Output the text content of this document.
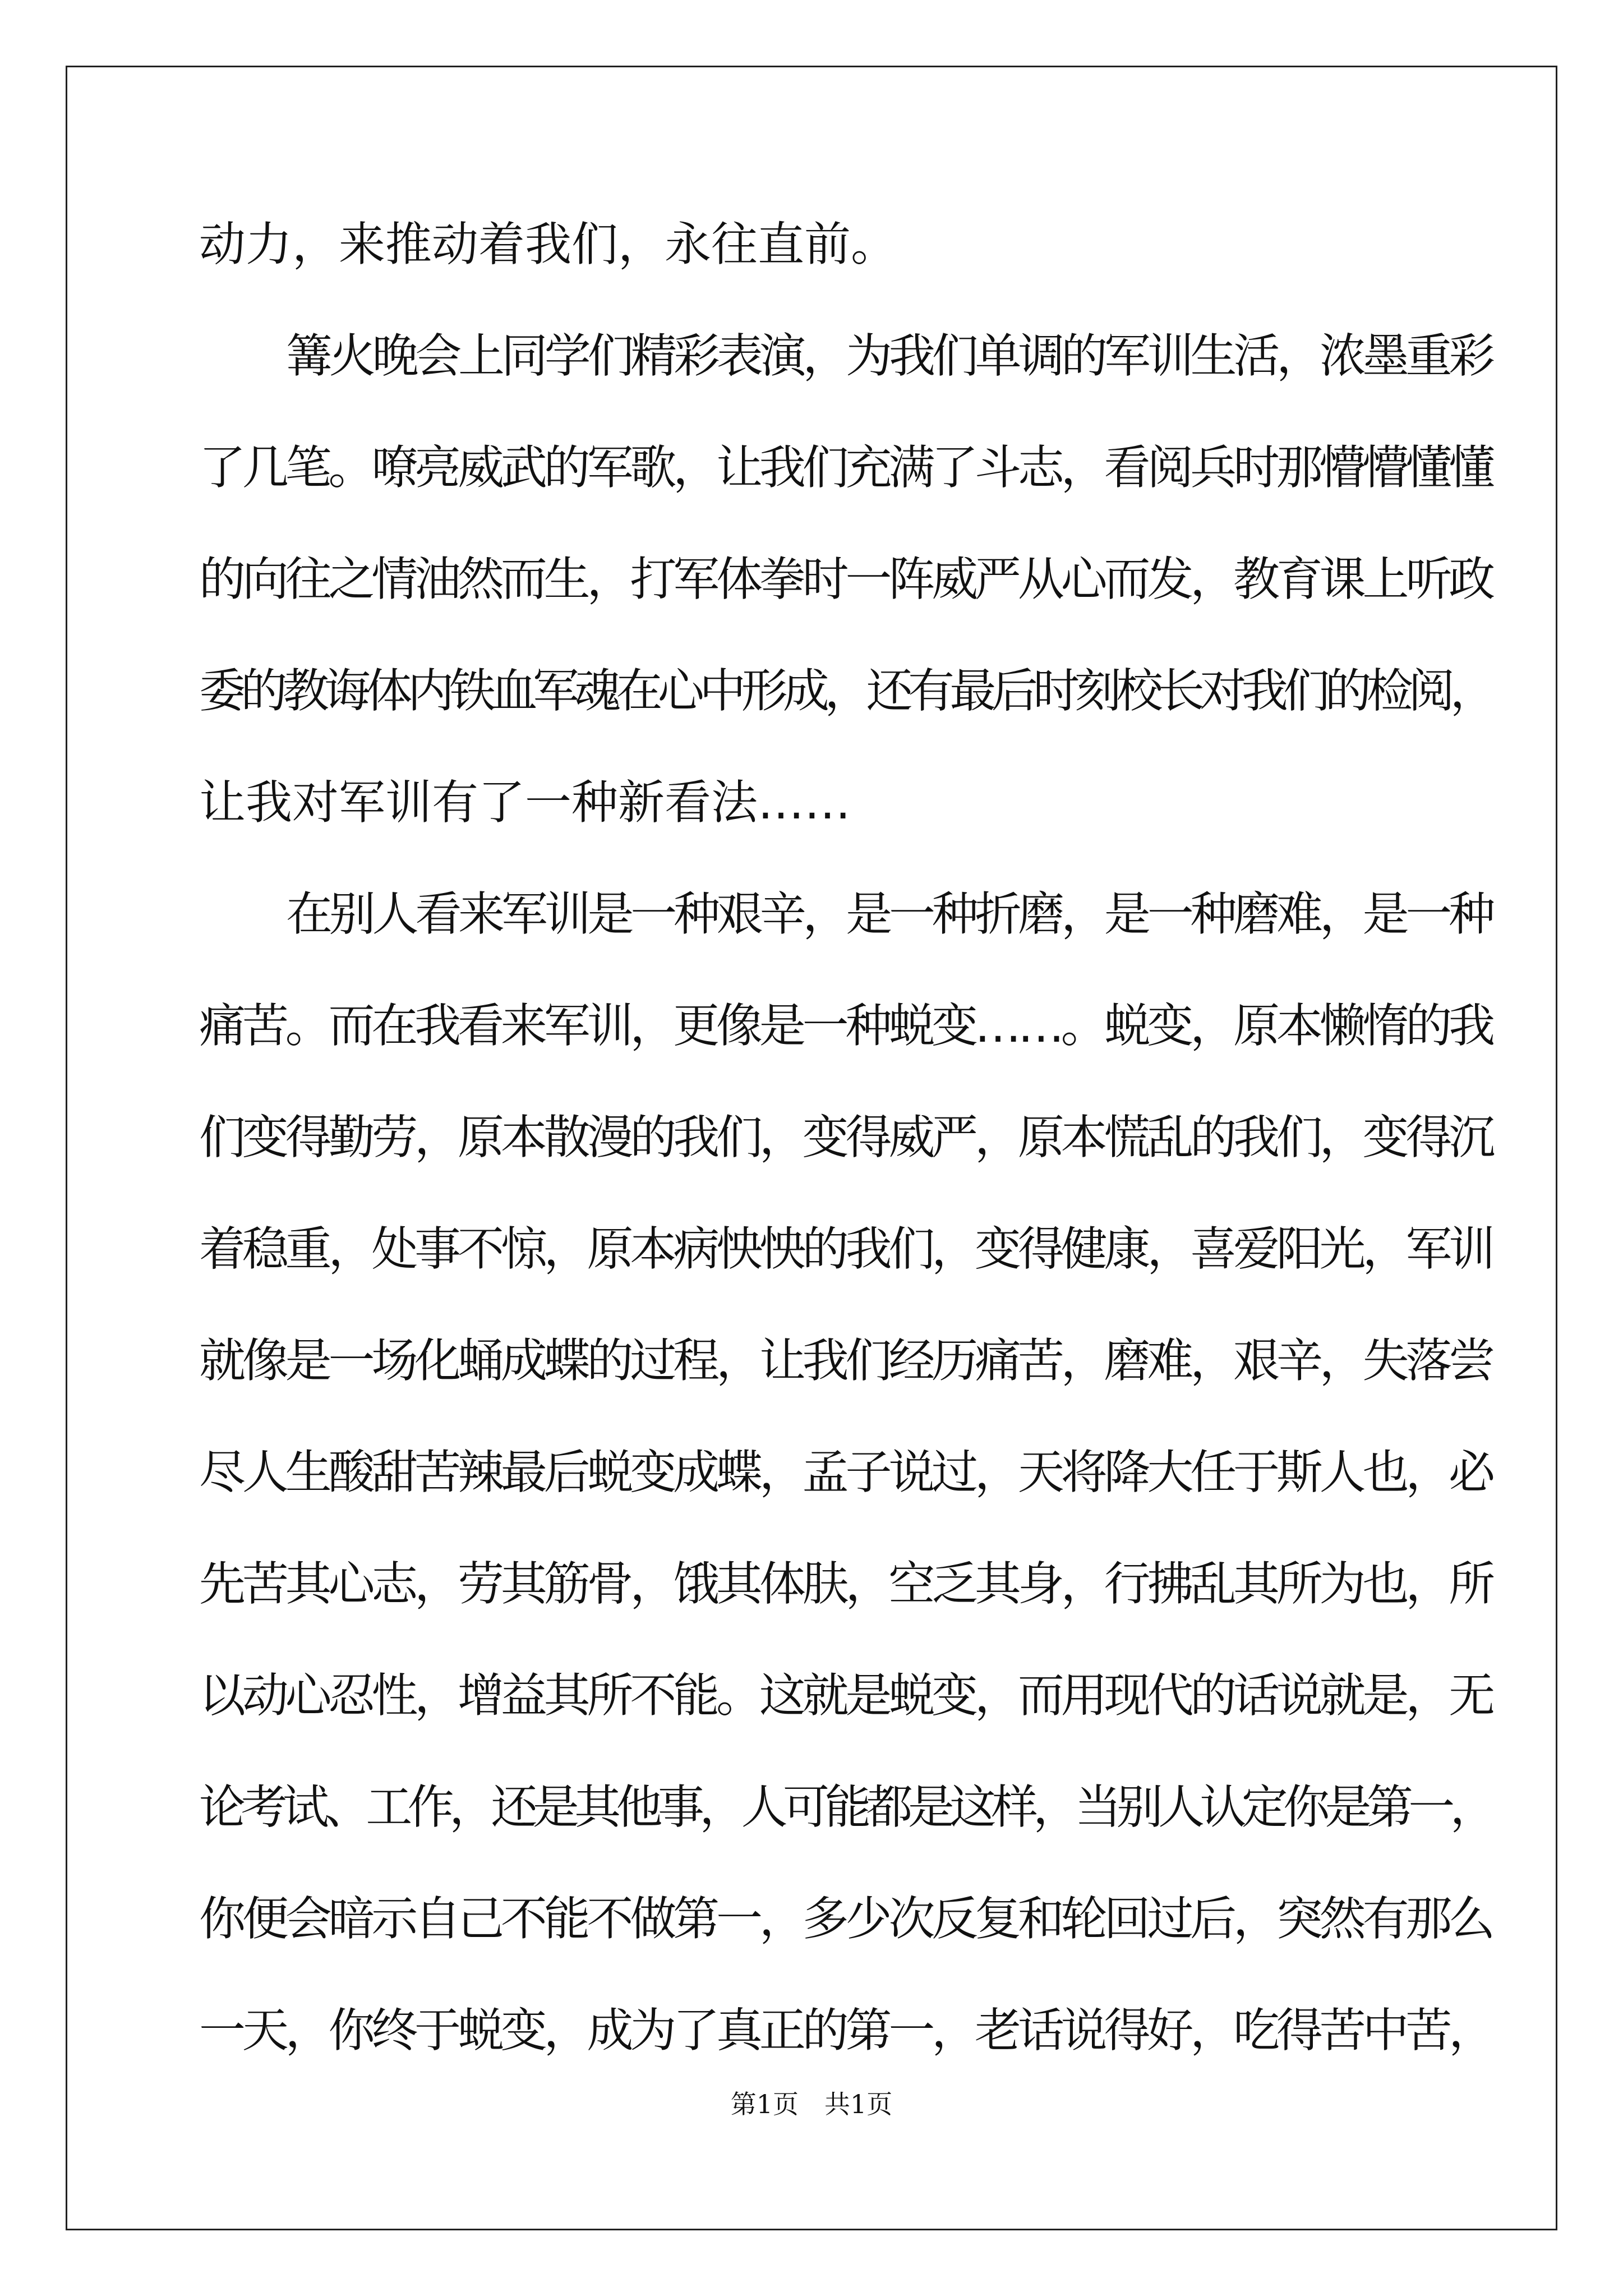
动力，来推动着我们，永往直前。

篝火晚会上同学们精彩表演，为我们单调的军训生活，浓墨重彩

了几笔。嘹亮威武的军歌，让我们充满了斗志，看阅兵时那懵懵懂懂

的向往之情油然而生，打军体拳时一阵威严从心而发，教育课上听政

委的教诲体内铁血军魂在心中形成，还有最后时刻校长对我们的检阅，

让我对军训有了一种新看法……

在别人看来军训是一种艰辛，是一种折磨，是一种磨难，是一种

痛苦。而在我看来军训，更像是一种蜕变……。蜕变，原本懒惰的我

们变得勤劳，原本散漫的我们，变得威严，原本慌乱的我们，变得沉

着稳重，处事不惊，原本病怏怏的我们，变得健康，喜爱阳光，军训

就像是一场化蛹成蝶的过程，让我们经历痛苦，磨难，艰辛，失落尝

尽人生酸甜苦辣最后蜕变成蝶，孟子说过，天将降大任于斯人也，必

先苦其心志，劳其筋骨，饿其体肤，空乏其身，行拂乱其所为也，所

以动心忍性，增益其所不能。这就是蜕变，而用现代的话说就是，无

论考试、工作，还是其他事，人可能都是这样，当别人认定你是第一，

你便会暗示自己不能不做第一，多少次反复和轮回过后，突然有那么

一天，你终于蜕变，成为了真正的第一，老话说得好，吃得苦中苦，

第1页　共1页
